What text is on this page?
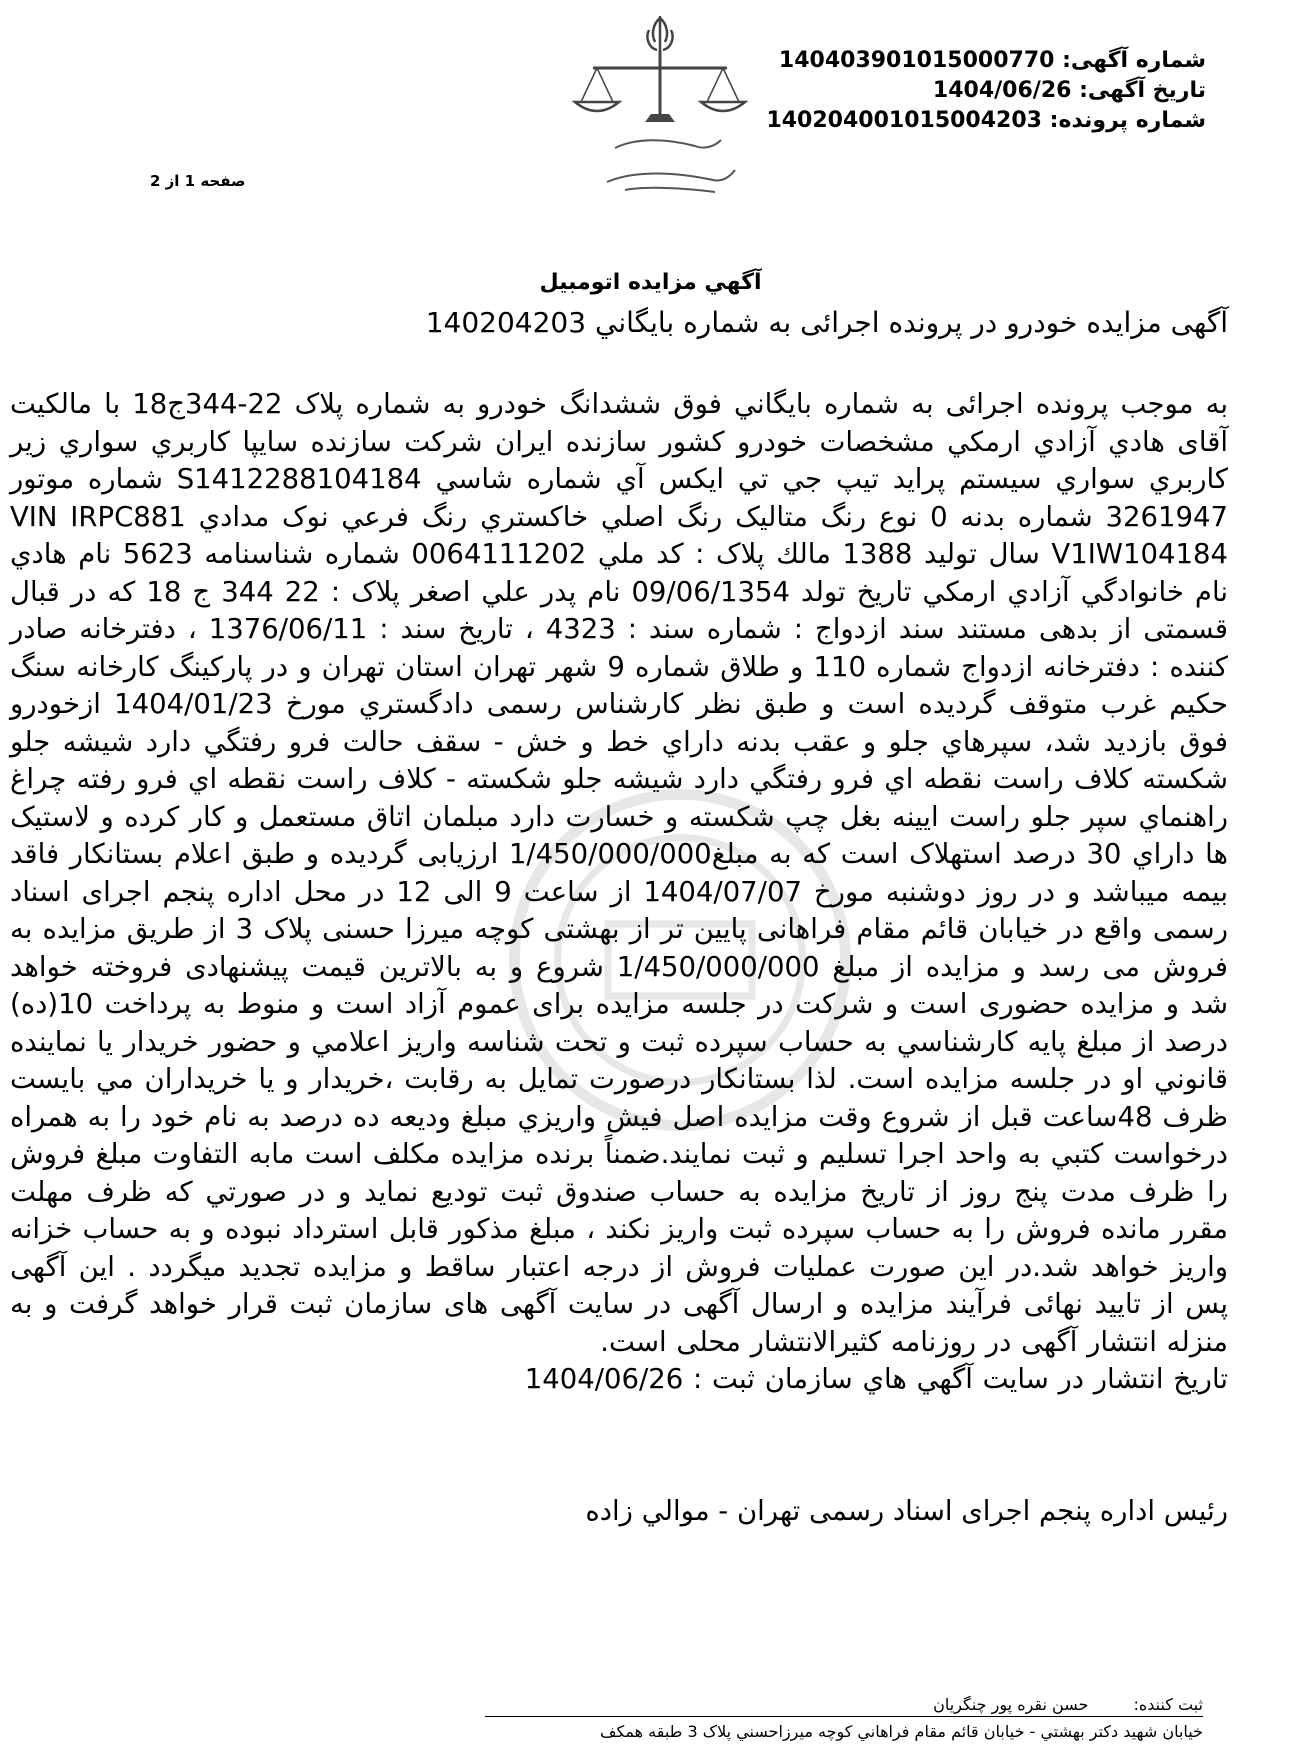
شماره آگهی: 140403901015000770
تاریخ آگهی: 1404/06/26
شماره پرونده: 140204001015004203
صفحه 1 از 2
آگهي مزايده اتومبيل
آگهی مزایده خودرو در پرونده اجرائی به شماره بایگاني 140204203
به موجب پرونده اجرائی به شماره بايگاني فوق ششدانگ خودرو به شماره پلاک 22-344ج18 با مالكيت آقای هادي آزادي ارمكي مشخصات خودرو كشور سازنده ايران شركت سازنده سايپا كاربري سواري زير كاربري سواري سيستم پرايد تيپ جي تي ايكس آي شماره شاسي S1412288104184 شماره موتور 3261947 شماره بدنه 0 نوع رنگ متاليک رنگ اصلي خاكستري رنگ فرعي نوک مدادي VIN IRPC881 V1IW104184 سال توليد 1388 مالك پلاک : كد ملي 0064111202 شماره شناسنامه 5623 نام هادي نام خانوادگي آزادي ارمكي تاريخ تولد 09/06/1354 نام پدر علي اصغر پلاک : 22 344 ج 18 كه در قبال قسمتی از بدهی مستند سند ازدواج : شماره سند : 4323 ، تاريخ سند : 1376/06/11 ، دفترخانه صادر كننده : دفترخانه ازدواج شماره 110 و طلاق شماره 9 شهر تهران استان تهران و در پاركينگ كارخانه سنگ حكيم غرب متوقف گرديده است و طبق نظر كارشناس رسمی دادگستري مورخ 1404/01/23 ازخودرو فوق بازديد شد، سپرهاي جلو و عقب بدنه داراي خط و خش - سقف حالت فرو رفتگي دارد شيشه جلو شكسته كلاف راست نقطه اي فرو رفتگي دارد شيشه جلو شكسته - كلاف راست نقطه اي فرو رفته چراغ راهنماي سپر جلو راست ايينه بغل چپ شكسته و خسارت دارد مبلمان اتاق مستعمل و كار كرده و لاستيک ها داراي 30 درصد استهلاک است كه به مبلغ1/450/000/000 ارزيابی گرديده و طبق اعلام بستانكار فاقد بيمه ميباشد و در روز دوشنبه مورخ 1404/07/07 از ساعت 9 الی 12 در محل اداره پنجم اجرای اسناد رسمی واقع در خيابان قائم مقام فراهانی پايين تر از بهشتی كوچه ميرزا حسنی پلاک 3 از طريق مزايده به فروش می رسد و مزايده از مبلغ 1/450/000/000 شروع و به بالاترين قيمت پيشنهادی فروخته خواهد شد و مزايده حضوری است و شركت در جلسه مزايده برای عموم آزاد است و منوط به پرداخت 10(ده) درصد از مبلغ پايه كارشناسي به حساب سپرده ثبت و تحت شناسه واريز اعلامي و حضور خريدار يا نماينده قانوني او در جلسه مزايده است. لذا بستانكار درصورت تمايل به رقابت ،خريدار و يا خريداران مي بايست ظرف 48ساعت قبل از شروع وقت مزايده اصل فيش واريزي مبلغ وديعه ده درصد به نام خود را به همراه درخواست كتبي به واحد اجرا تسليم و ثبت نمايند.ضمناً برنده مزايده مكلف است مابه التفاوت مبلغ فروش را ظرف مدت پنج روز از تاريخ مزايده به حساب صندوق ثبت توديع نمايد و در صورتي كه ظرف مهلت مقرر مانده فروش را به حساب سپرده ثبت واريز نكند ، مبلغ مذكور قابل استرداد نبوده و به حساب خزانه واريز خواهد شد.در اين صورت عمليات فروش از درجه اعتبار ساقط و مزايده تجديد ميگردد . اين آگهی پس از تاييد نهائی فرآيند مزايده و ارسال آگهی در سايت آگهی های سازمان ثبت قرار خواهد گرفت و به منزله انتشار آگهی در روزنامه كثيرالانتشار محلی است.
تاريخ انتشار در سايت آگهي هاي سازمان ثبت : 1404/06/26
رئيس اداره پنجم اجرای اسناد رسمی تهران - موالي زاده
ثبت کننده: حسن نقره پور چنگریان
خيابان شهيد دكتر بهشتي - خيابان قائم مقام فراهاني كوچه ميرزاحسني پلاک 3 طبقه همكف
